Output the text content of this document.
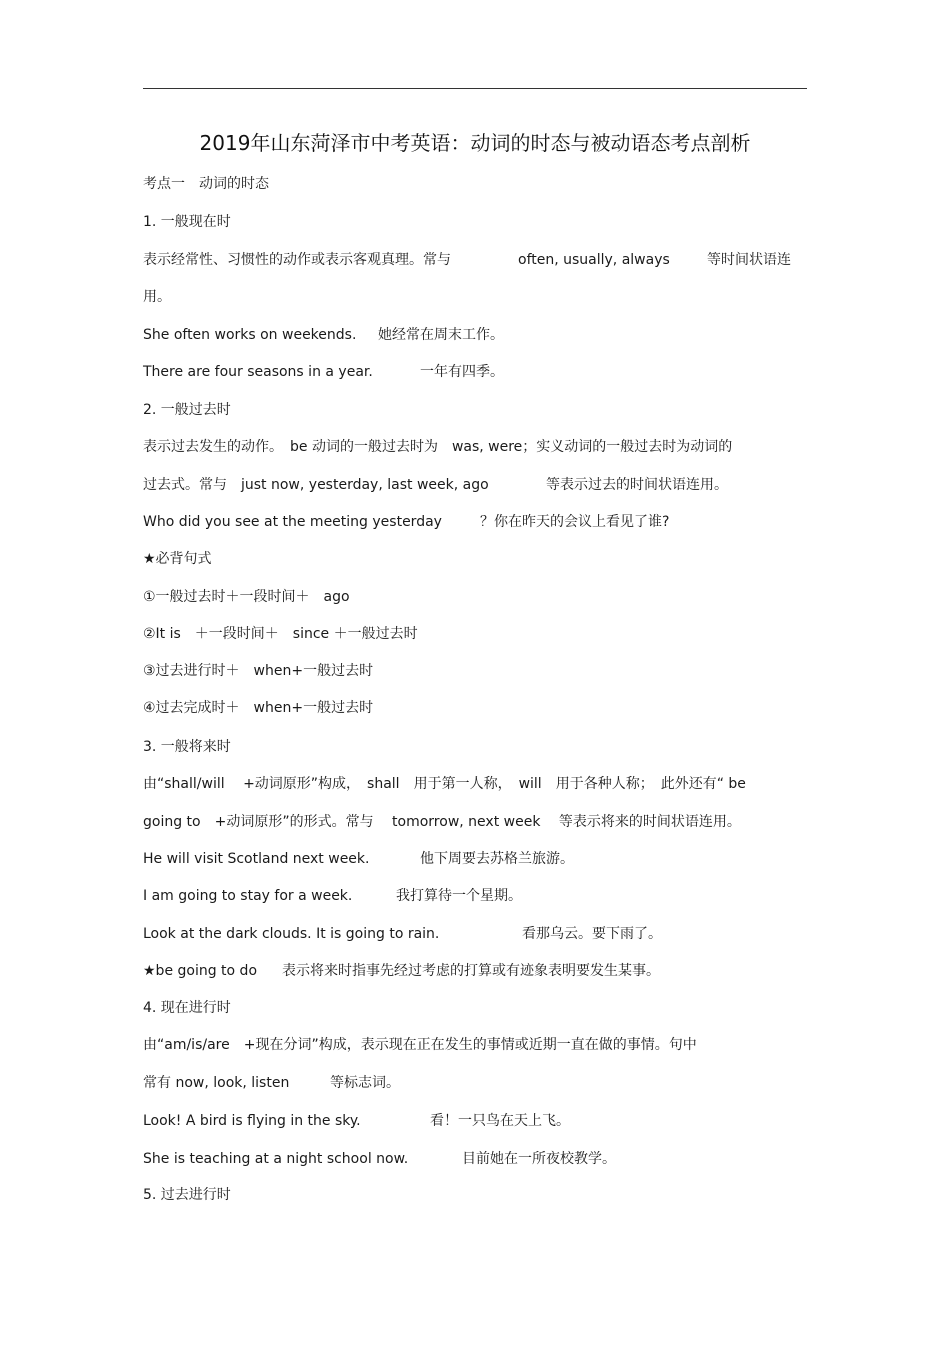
2019年山东菏泽市中考英语：动词的时态与被动语态考点剖析
考点一　动词的时态
1. 一般现在时
表示经常性、习惯性的动作或表示客观真理。常与	often, usually, always	等时间状语连
用。
She often works on weekends. 她经常在周末工作。
There are four seasons in a year.	一年有四季。
2. 一般过去时
表示过去发生的动作。　be 动词的一般过去时为　was, were；实义动词的一般过去时为动词的
过去式。常与　just now, yesterday, last week, ago	等表示过去的时间状语连用。
Who did you see at the meeting yesterday	？你在昨天的会议上看见了谁?
★必背句式
①一般过去时＋一段时间＋　ago
②It is　＋一段时间＋　since ＋一般过去时
③过去进行时＋　when+一般过去时
④过去完成时＋　when+一般过去时
3. 一般将来时
由“shall/will　 +动词原形”构成，　shall　用于第一人称，　will　用于各种人称；　此外还有“ be
going to　+动词原形”的形式。常与　 tomorrow, next week　 等表示将来的时间状语连用。
He will visit Scotland next week.	他下周要去苏格兰旅游。
I am going to stay for a week.	我打算待一个星期。
Look at the dark clouds. It is going to rain.	看那乌云。要下雨了。
★be going to do 表示将来时指事先经过考虑的打算或有迹象表明要发生某事。
4. 现在进行时
由“am/is/are　+现在分词”构成，表示现在正在发生的事情或近期一直在做的事情。句中
常有 now, look, listen	等标志词。
Look! A bird is flying in the sky.	看！一只鸟在天上飞。
She is teaching at a night school now.	目前她在一所夜校教学。
5. 过去进行时
